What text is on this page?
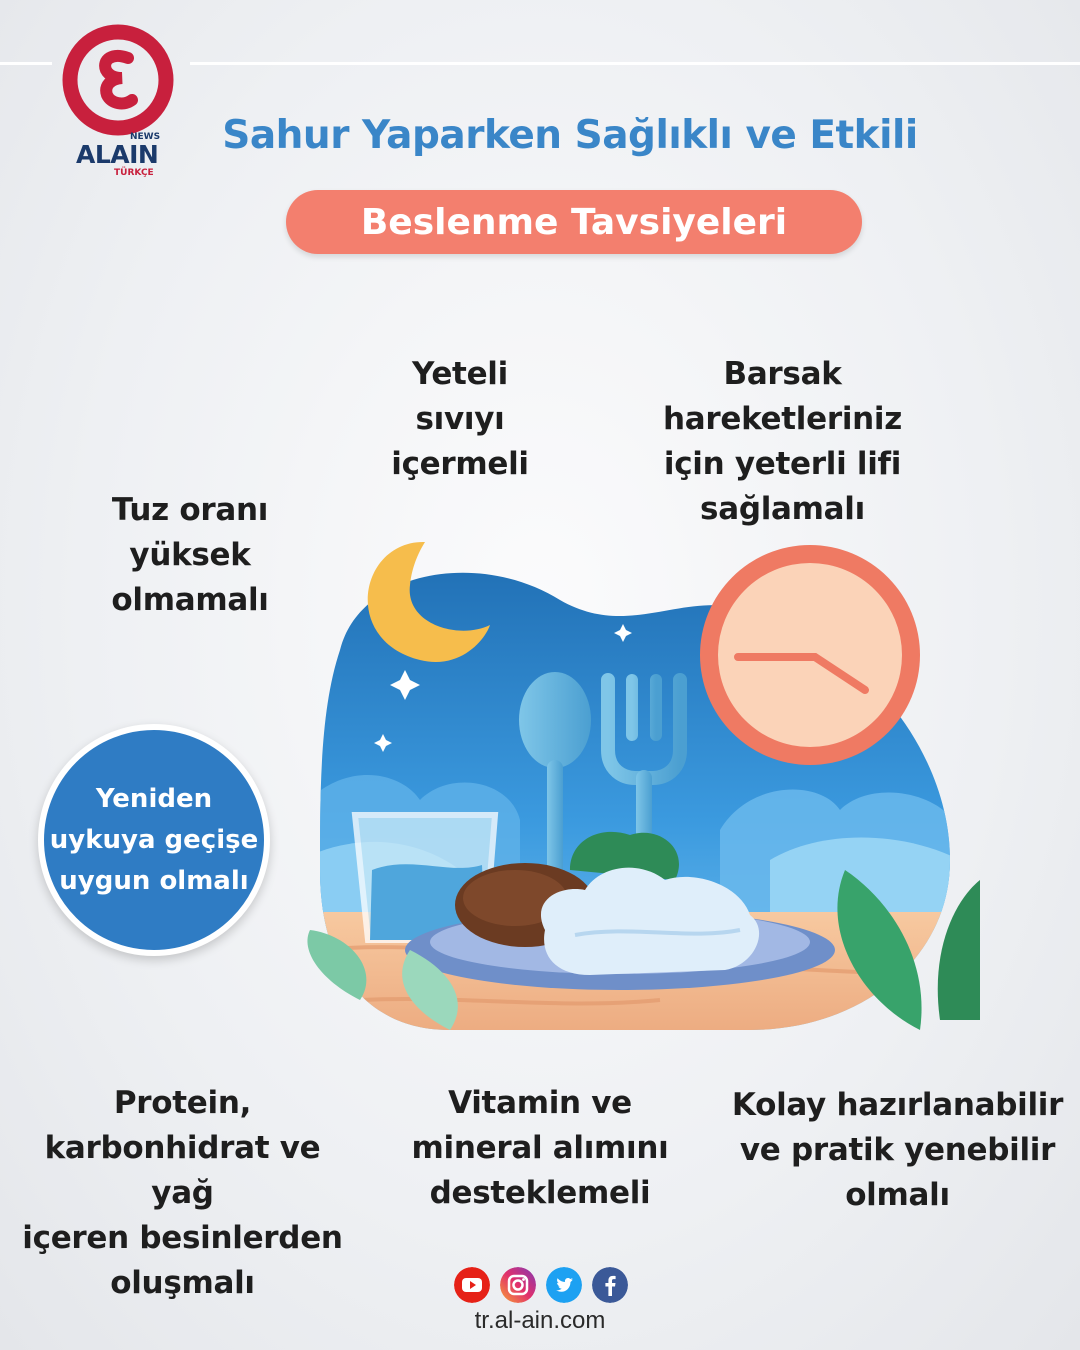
NEWS
ALAIN
TÜRKÇE
Sahur Yaparken Sağlıklı ve Etkili
Beslenme Tavsiyeleri
Yeteli
sıvıyı
içermeli
Barsak
hareketleriniz
için yeterli lifi
sağlamalı
Tuz oranı
yüksek
olmamalı
Protein,
karbonhidrat ve yağ
içeren besinlerden
oluşmalı
Vitamin ve
mineral alımını
desteklemeli
Kolay hazırlanabilir
ve pratik yenebilir
olmalı
Yeniden
uykuya geçişe
uygun olmalı
tr.al-ain.com
